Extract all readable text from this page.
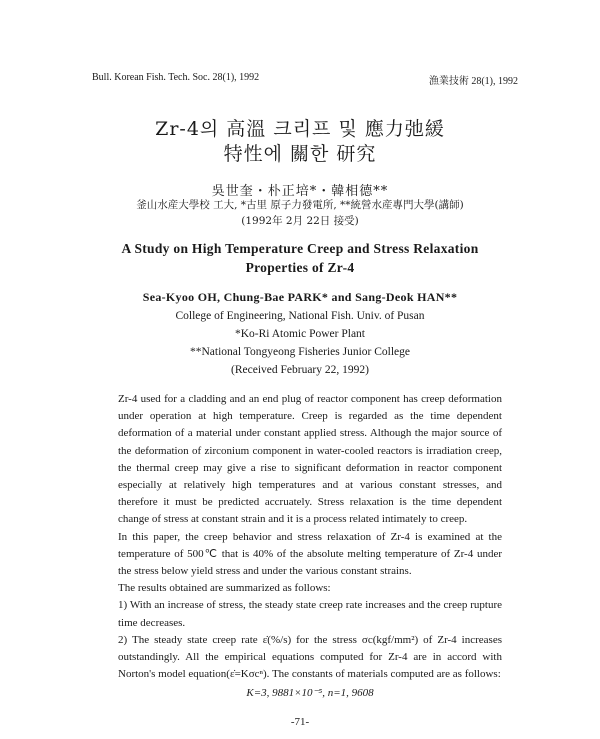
Bull. Korean Fish. Tech. Soc. 28(1), 1992	漁業技術 28(1), 1992
Zr-4의 高溫 크리프 및 應力弛緩
特性에 關한 研究
吳世奎・朴正培*・韓相德**
釜山水産大學校 工大, *古里 原子力發電所, **統營水産專門大學(講師)
(1992年 2月 22日 接受)
A Study on High Temperature Creep and Stress Relaxation
Properties of Zr-4
Sea-Kyoo OH, Chung-Bae PARK* and Sang-Deok HAN**
College of Engineering, National Fish. Univ. of Pusan
*Ko-Ri Atomic Power Plant
**National Tongyeong Fisheries Junior College
(Received February 22, 1992)

Zr-4 used for a cladding and an end plug of reactor component has creep deformation under operation at high temperature. Creep is regarded as the time dependent deformation of a material under constant applied stress. Although the major source of the deformation of zirconium component in water-cooled reactors is irradiation creep, the thermal creep may give a rise to significant deformation in reactor component especially at relatively high temperatures and at various constant stresses, and therefore it must be predicted accruately. Stress relaxation is the time dependent change of stress at constant strain and it is a process related intimately to creep.

In this paper, the creep behavior and stress relaxation of Zr-4 is examined at the temperature of 500℃ that is 40% of the absolute melting temperature of Zr-4 under the stress below yield stress and under the various constant strains.

The results obtained are summarized as follows:

1) With an increase of stress, the steady state creep rate increases and the creep rupture time decreases.

2) The steady state creep rate ε̇(%/s) for the stress σc(kgf/mm²) of Zr-4 increases outstandingly. All the empirical equations computed for Zr-4 are in accord with Norton's model equation(ε̇=Kσcⁿ). The constants of materials computed are as follows:

K=3, 9881×10⁻⁵, n=1, 9608
-71-
